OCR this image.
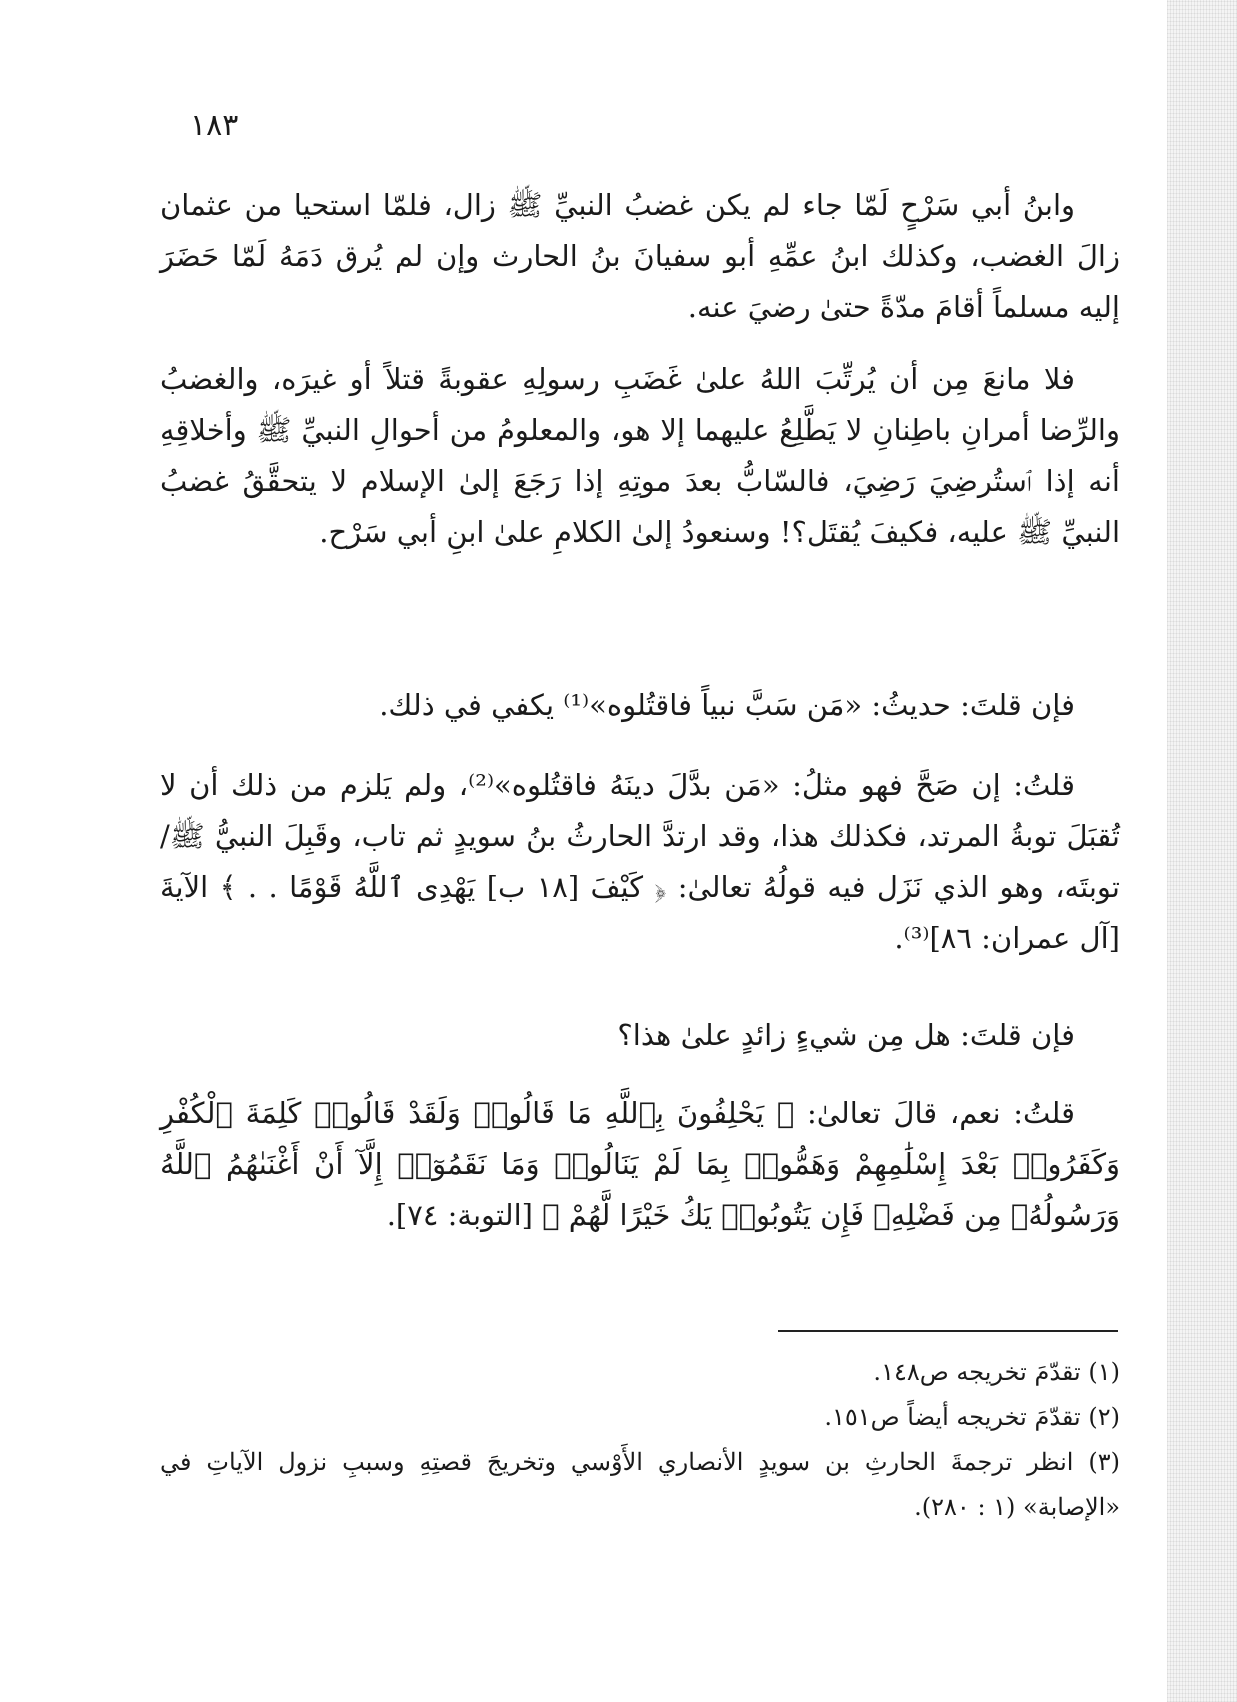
١٨٣

وابنُ أبي سَرْحٍ لَمّا جاء لم يكن غضبُ النبيِّ ﷺ زال، فلمّا استحيا من عثمان زالَ الغضب، وكذلك ابنُ عمِّهِ أبو سفيانَ بنُ الحارث وإن لم يُرق دَمَهُ لَمّا حَضَرَ إليه مسلماً أقامَ مدّةً حتىٰ رضيَ عنه.

فلا مانعَ مِن أن يُرتِّبَ اللهُ علىٰ غَضَبِ رسولِهِ عقوبةً قتلاً أو غيرَه، والغضبُ والرِّضا أمرانِ باطِنانِ لا يَطَّلِعُ عليهما إلا هو، والمعلومُ من أحوالِ النبيِّ ﷺ وأخلاقِهِ أنه إذا ٱستُرضِيَ رَضِيَ، فالسّابُّ بعدَ موتِهِ إذا رَجَعَ إلىٰ الإسلام لا يتحقَّقُ غضبُ النبيِّ ﷺ عليه، فكيفَ يُقتَل؟! وسنعودُ إلىٰ الكلامِ علىٰ ابنِ أبي سَرْح.

فإن قلتَ: حديثُ: «مَن سَبَّ نبياً فاقتُلوه»⁽¹⁾ يكفي في ذلك.

قلتُ: إن صَحَّ فهو مثلُ: «مَن بدَّلَ دينَهُ فاقتُلوه»⁽²⁾، ولم يَلزم من ذلك أن لا تُقبَلَ توبةُ المرتد، فكذلك هذا، وقد ارتدَّ الحارثُ بنُ سويدٍ ثم تاب، وقَبِلَ النبيُّ ﷺ/ توبتَه، وهو الذي نَزَل فيه قولُهُ تعالىٰ: ﴿ كَيْفَ [١٨ ب] يَهْدِى ٱللَّهُ قَوْمًا . . ﴾ الآيةَ [آل عمران: ٨٦]⁽³⁾.

فإن قلتَ: هل مِن شيءٍ زائدٍ علىٰ هذا؟

قلتُ: نعم، قالَ تعالىٰ: ﴿ يَحْلِفُونَ بِٱللَّهِ مَا قَالُوا۟ وَلَقَدْ قَالُوا۟ كَلِمَةَ ٱلْكُفْرِ وَكَفَرُوا۟ بَعْدَ إِسْلَٰمِهِمْ وَهَمُّوا۟ بِمَا لَمْ يَنَالُوا۟ وَمَا نَقَمُوٓا۟ إِلَّآ أَنْ أَغْنَىٰهُمُ ٱللَّهُ وَرَسُولُهُۥ مِن فَضْلِهِۦ فَإِن يَتُوبُوا۟ يَكُ خَيْرًا لَّهُمْ ﴾ [التوبة: ٧٤].

(١) تقدّمَ تخريجه ص١٤٨.

(٢) تقدّمَ تخريجه أيضاً ص١٥١.

(٣) انظر ترجمةَ الحارثِ بن سويدٍ الأنصاري الأَوْسي وتخريجَ قصتِهِ وسببِ نزول الآياتِ في «الإصابة» (١ : ٢٨٠).
